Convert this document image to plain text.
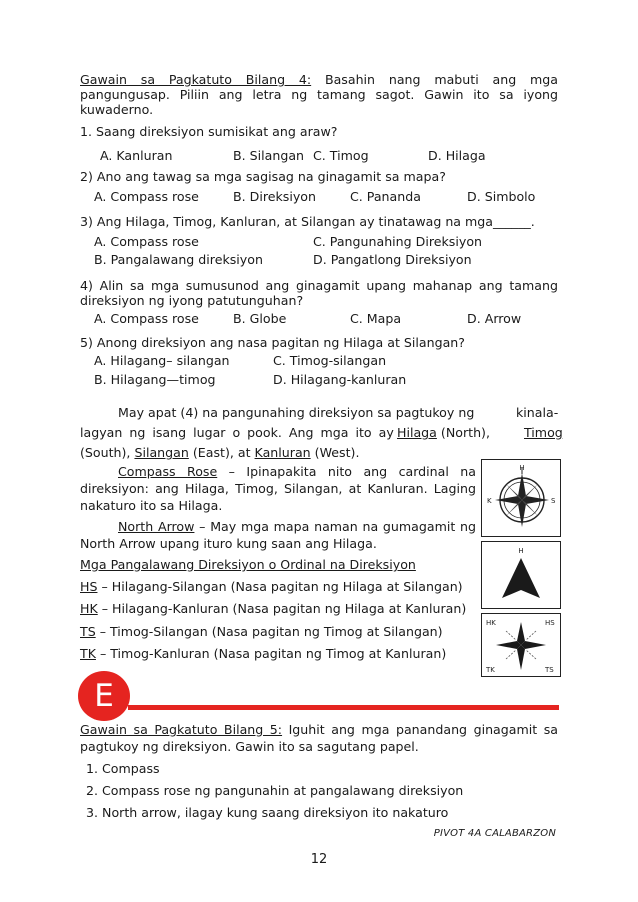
Gawain sa Pagkatuto Bilang 4: Basahin nang mabuti ang mga pangungusap. Piliin ang letra ng tamang sagot. Gawin ito sa iyong kuwaderno.
1. Saang direksiyon sumisikat ang araw?
A. Kanluran	B. Silangan C. Timog	D. Hilaga
2) Ano ang tawag sa mga sagisag na ginagamit sa mapa?
A. Compass rose	B. Direksiyon	C. Pananda	D. Simbolo
3) Ang Hilaga, Timog, Kanluran, at Silangan ay tinatawag na mga______.
A. Compass rose	C. Pangunahing Direksiyon
B. Pangalawang direksiyon	D. Pangatlong Direksiyon
4) Alin sa mga sumusunod ang ginagamit upang mahanap ang tamang direksiyon ng iyong patutunguhan?
A. Compass rose	B. Globe	C. Mapa	D. Arrow
5) Anong direksiyon ang nasa pagitan ng Hilaga at Silangan?
A. Hilagang– silangan	C. Timog-silangan
B. Hilagang—timog	D. Hilagang-kanluran
May apat (4) na pangunahing direksiyon sa pagtukoy ng	kinala-
lagyan ng isang lugar o pook. Ang mga ito ay Hilaga (North),	Timog
(South), Silangan (East), at Kanluran (West).
Compass Rose – Ipinapakita nito ang cardinal na direksiyon: ang Hilaga, Timog, Silangan, at Kanluran. Laging nakaturo ito sa Hilaga.
North Arrow – May mga mapa naman na gumagamit ng North Arrow upang ituro kung saan ang Hilaga.
Mga Pangalawang Direksiyon o Ordinal na Direksiyon
HS – Hilagang-Silangan (Nasa pagitan ng Hilaga at Silangan)
HK – Hilagang-Kanluran (Nasa pagitan ng Hilaga at Kanluran)
TS – Timog-Silangan (Nasa pagitan ng Timog at Silangan)
TK – Timog-Kanluran (Nasa pagitan ng Timog at Kanluran)
H
K	S
H
HK	HS
TK	TS
E
Gawain sa Pagkatuto Bilang 5: Iguhit ang mga panandang ginagamit sa pagtukoy ng direksiyon. Gawin ito sa sagutang papel.
1. Compass
2. Compass rose ng pangunahin at pangalawang direksiyon
3. North arrow, ilagay kung saang direksiyon ito nakaturo
PIVOT 4A CALABARZON
12
